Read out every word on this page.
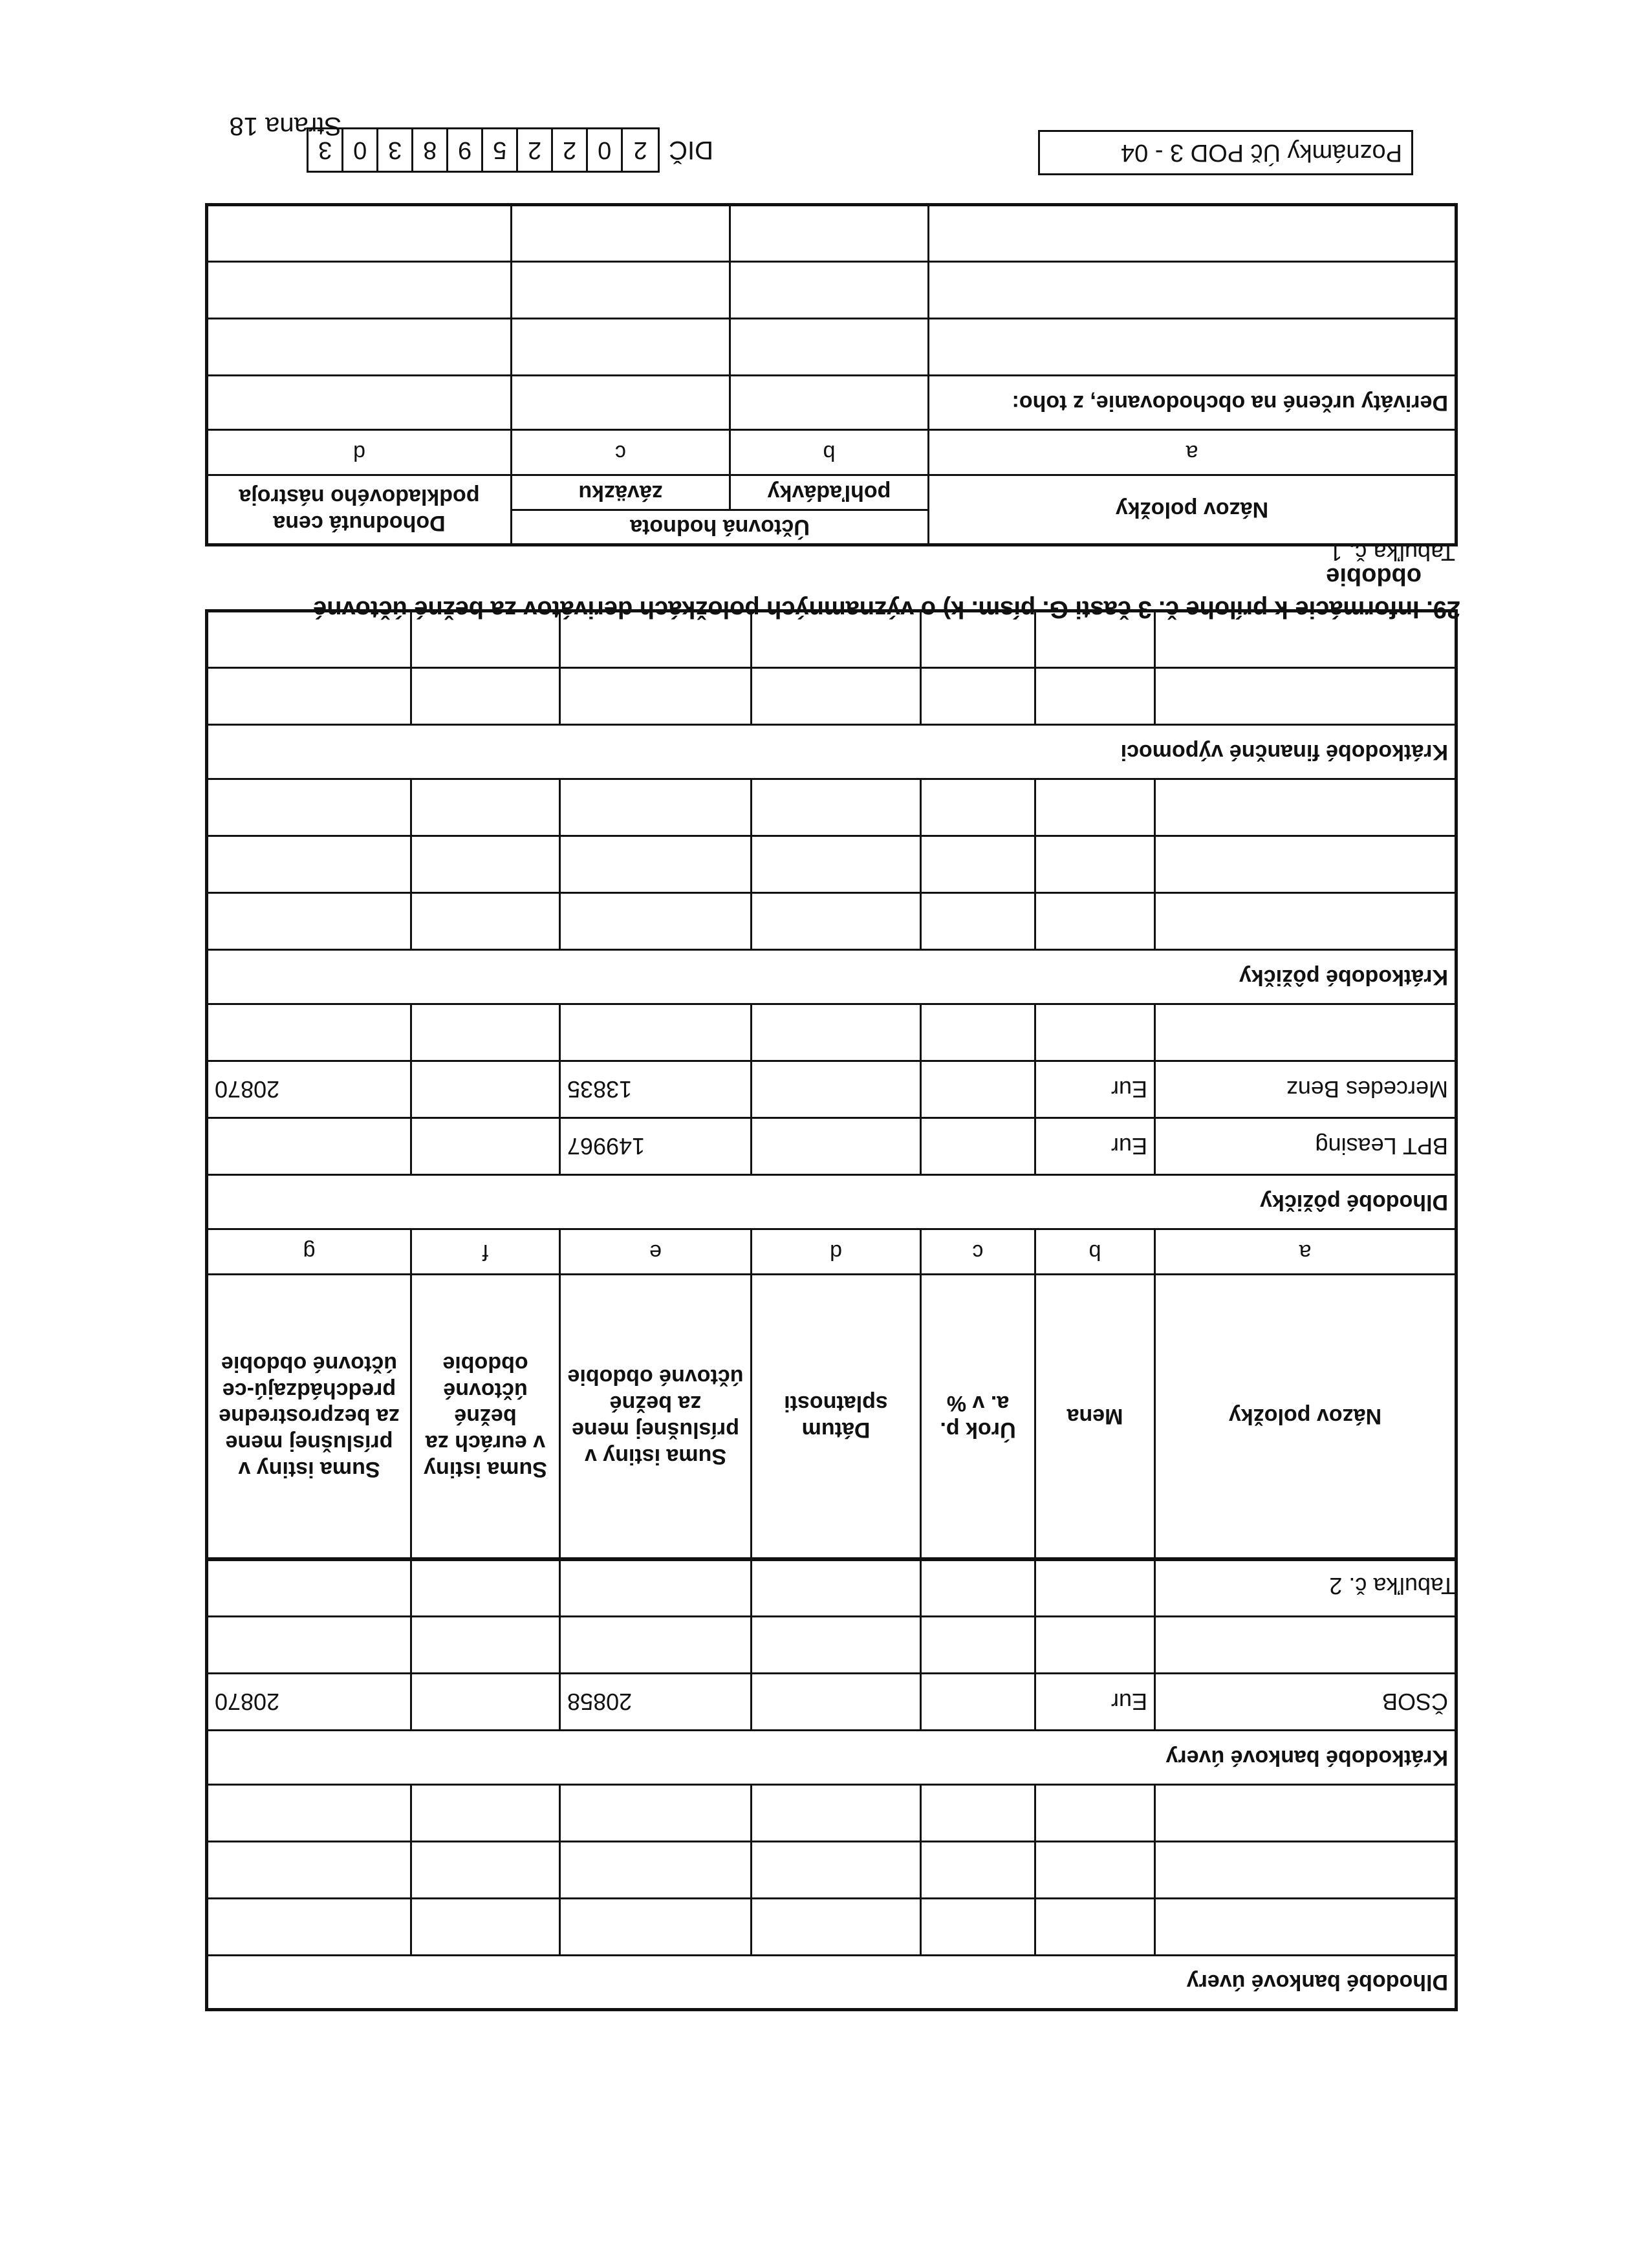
Poznámky Úč POD 3 - 04
DIČ
2
0
2
2
5
9
8
3
0
3
Dlhodobé bankové úvery						

Krátkodobé bankové úvery						
ČSOB	Eur			20858		20870

Tabuľka č. 2
Názov položky	Mena	Úrok p. a. v %	Dátum splatnosti	Suma istiny v príslušnej mene za bežné účtovné obdobie	Suma istiny v eurách za bežné účtovné obdobie	Suma istiny v príslušnej mene za bezprostredne predchádzajú-ce účtovné obdobie
a	b	c	d	e	f	g
Dlhodobé pôžičky						
BPT Leasing	Eur			149967		
Mercedes Benz	Eur			13835		20870

Krátkodobé pôžičky						

Krátkodobé finančné výpomoci						

29. Informácie k prílohe č. 3 časti G. písm. k) o významných položkách derivátov za bežné účtovné
obdobie
Tabuľka č. 1
Názov položky	Účtovná hodnota		Dohodnutá cena podkladového nástroja
	pohľadávky	záväzku	
a	b	c	d
Deriváty určené na obchodovanie, z toho:			

Strana 18
